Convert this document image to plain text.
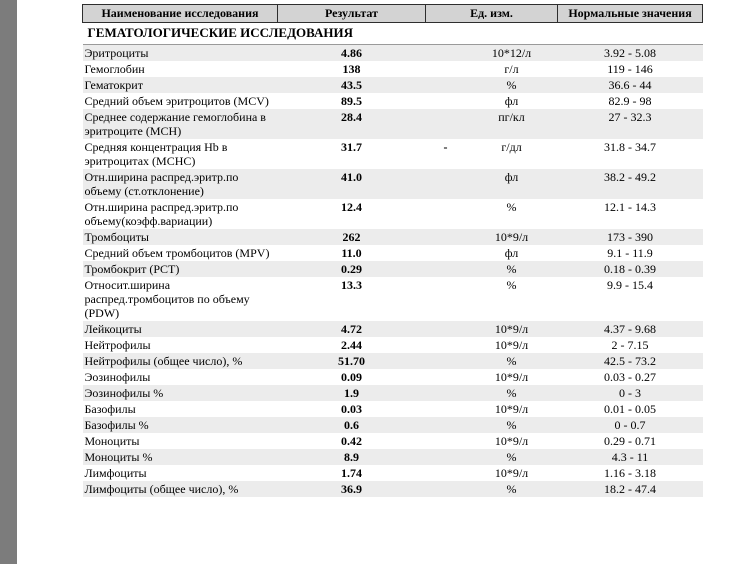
Наименование исследования	Результат	Ед. изм.		Нормальные значения
ГЕМАТОЛОГИЧЕСКИЕ ИССЛЕДОВАНИЯ				
Эритроциты	4.86		10*12/л	3.92 - 5.08
Гемоглобин	138		г/л	119 - 146
Гематокрит	43.5		%	36.6 - 44
Средний объем эритроцитов (MCV)	89.5		фл	82.9 - 98
Среднее содержание гемоглобина в эритроците (MCH)	28.4		пг/кл	27 - 32.3
Средняя концентрация Hb в эритроцитах (MCHC)	31.7	-	г/дл	31.8 - 34.7
Отн.ширина распред.эритр.по объему (ст.отклонение)	41.0		фл	38.2 - 49.2
Отн.ширина распред.эритр.по объему(коэфф.вариации)	12.4		%	12.1 - 14.3
Тромбоциты	262		10*9/л	173 - 390
Средний объем тромбоцитов (MPV)	11.0		фл	9.1 - 11.9
Тромбокрит (PCT)	0.29		%	0.18 - 0.39
Относит.ширина распред.тромбоцитов по объему (PDW)	13.3		%	9.9 - 15.4
Лейкоциты	4.72		10*9/л	4.37 - 9.68
Нейтрофилы	2.44		10*9/л	2 - 7.15
Нейтрофилы (общее число), %	51.70		%	42.5 - 73.2
Эозинофилы	0.09		10*9/л	0.03 - 0.27
Эозинофилы %	1.9		%	0 - 3
Базофилы	0.03		10*9/л	0.01 - 0.05
Базофилы %	0.6		%	0 - 0.7
Моноциты	0.42		10*9/л	0.29 - 0.71
Моноциты %	8.9		%	4.3 - 11
Лимфоциты	1.74		10*9/л	1.16 - 3.18
Лимфоциты (общее число), %	36.9		%	18.2 - 47.4
